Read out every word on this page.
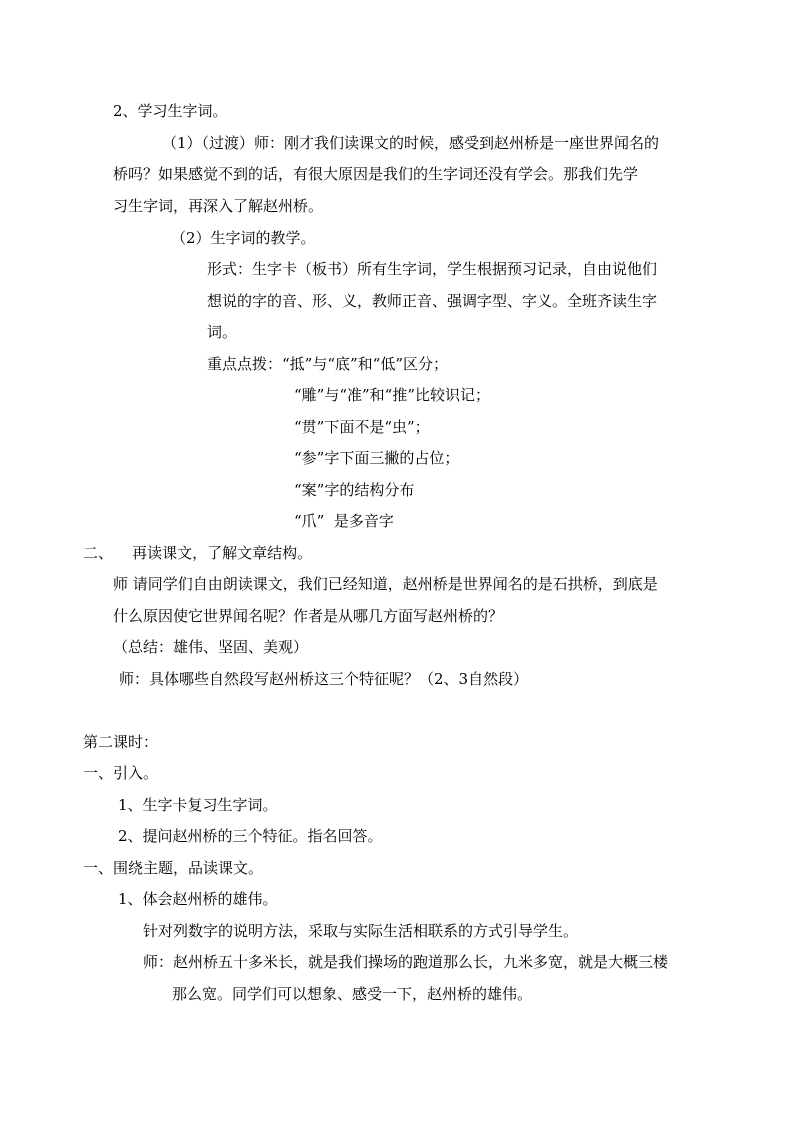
2、学习生字词。
（1）（过渡）师：刚才我们读课文的时候，感受到赵州桥是一座世界闻名的
桥吗？如果感觉不到的话，有很大原因是我们的生字词还没有学会。那我们先学
习生字词，再深入了解赵州桥。
（2）生字词的教学。
形式：生字卡（板书）所有生字词，学生根据预习记录，自由说他们
想说的字的音、形、义，教师正音、强调字型、字义。全班齐读生字
词。
重点点拨：“抵”与“底”和“低”区分；
“雕”与“准”和“推”比较识记；
“贯”下面不是“虫”；
“参”字下面三撇的占位；
“案”字的结构分布
“爪”  是多音字
二、    再读课文，了解文章结构。
师 请同学们自由朗读课文，我们已经知道，赵州桥是世界闻名的是石拱桥，到底是
什么原因使它世界闻名呢？作者是从哪几方面写赵州桥的？
（总结：雄伟、坚固、美观）
师：具体哪些自然段写赵州桥这三个特征呢？（2、3自然段）
第二课时：
一、引入。
1、生字卡复习生字词。
2、提问赵州桥的三个特征。指名回答。
一、围绕主题，品读课文。
1、体会赵州桥的雄伟。
针对列数字的说明方法，采取与实际生活相联系的方式引导学生。
师：赵州桥五十多米长，就是我们操场的跑道那么长，九米多宽，就是大概三楼
那么宽。同学们可以想象、感受一下，赵州桥的雄伟。
